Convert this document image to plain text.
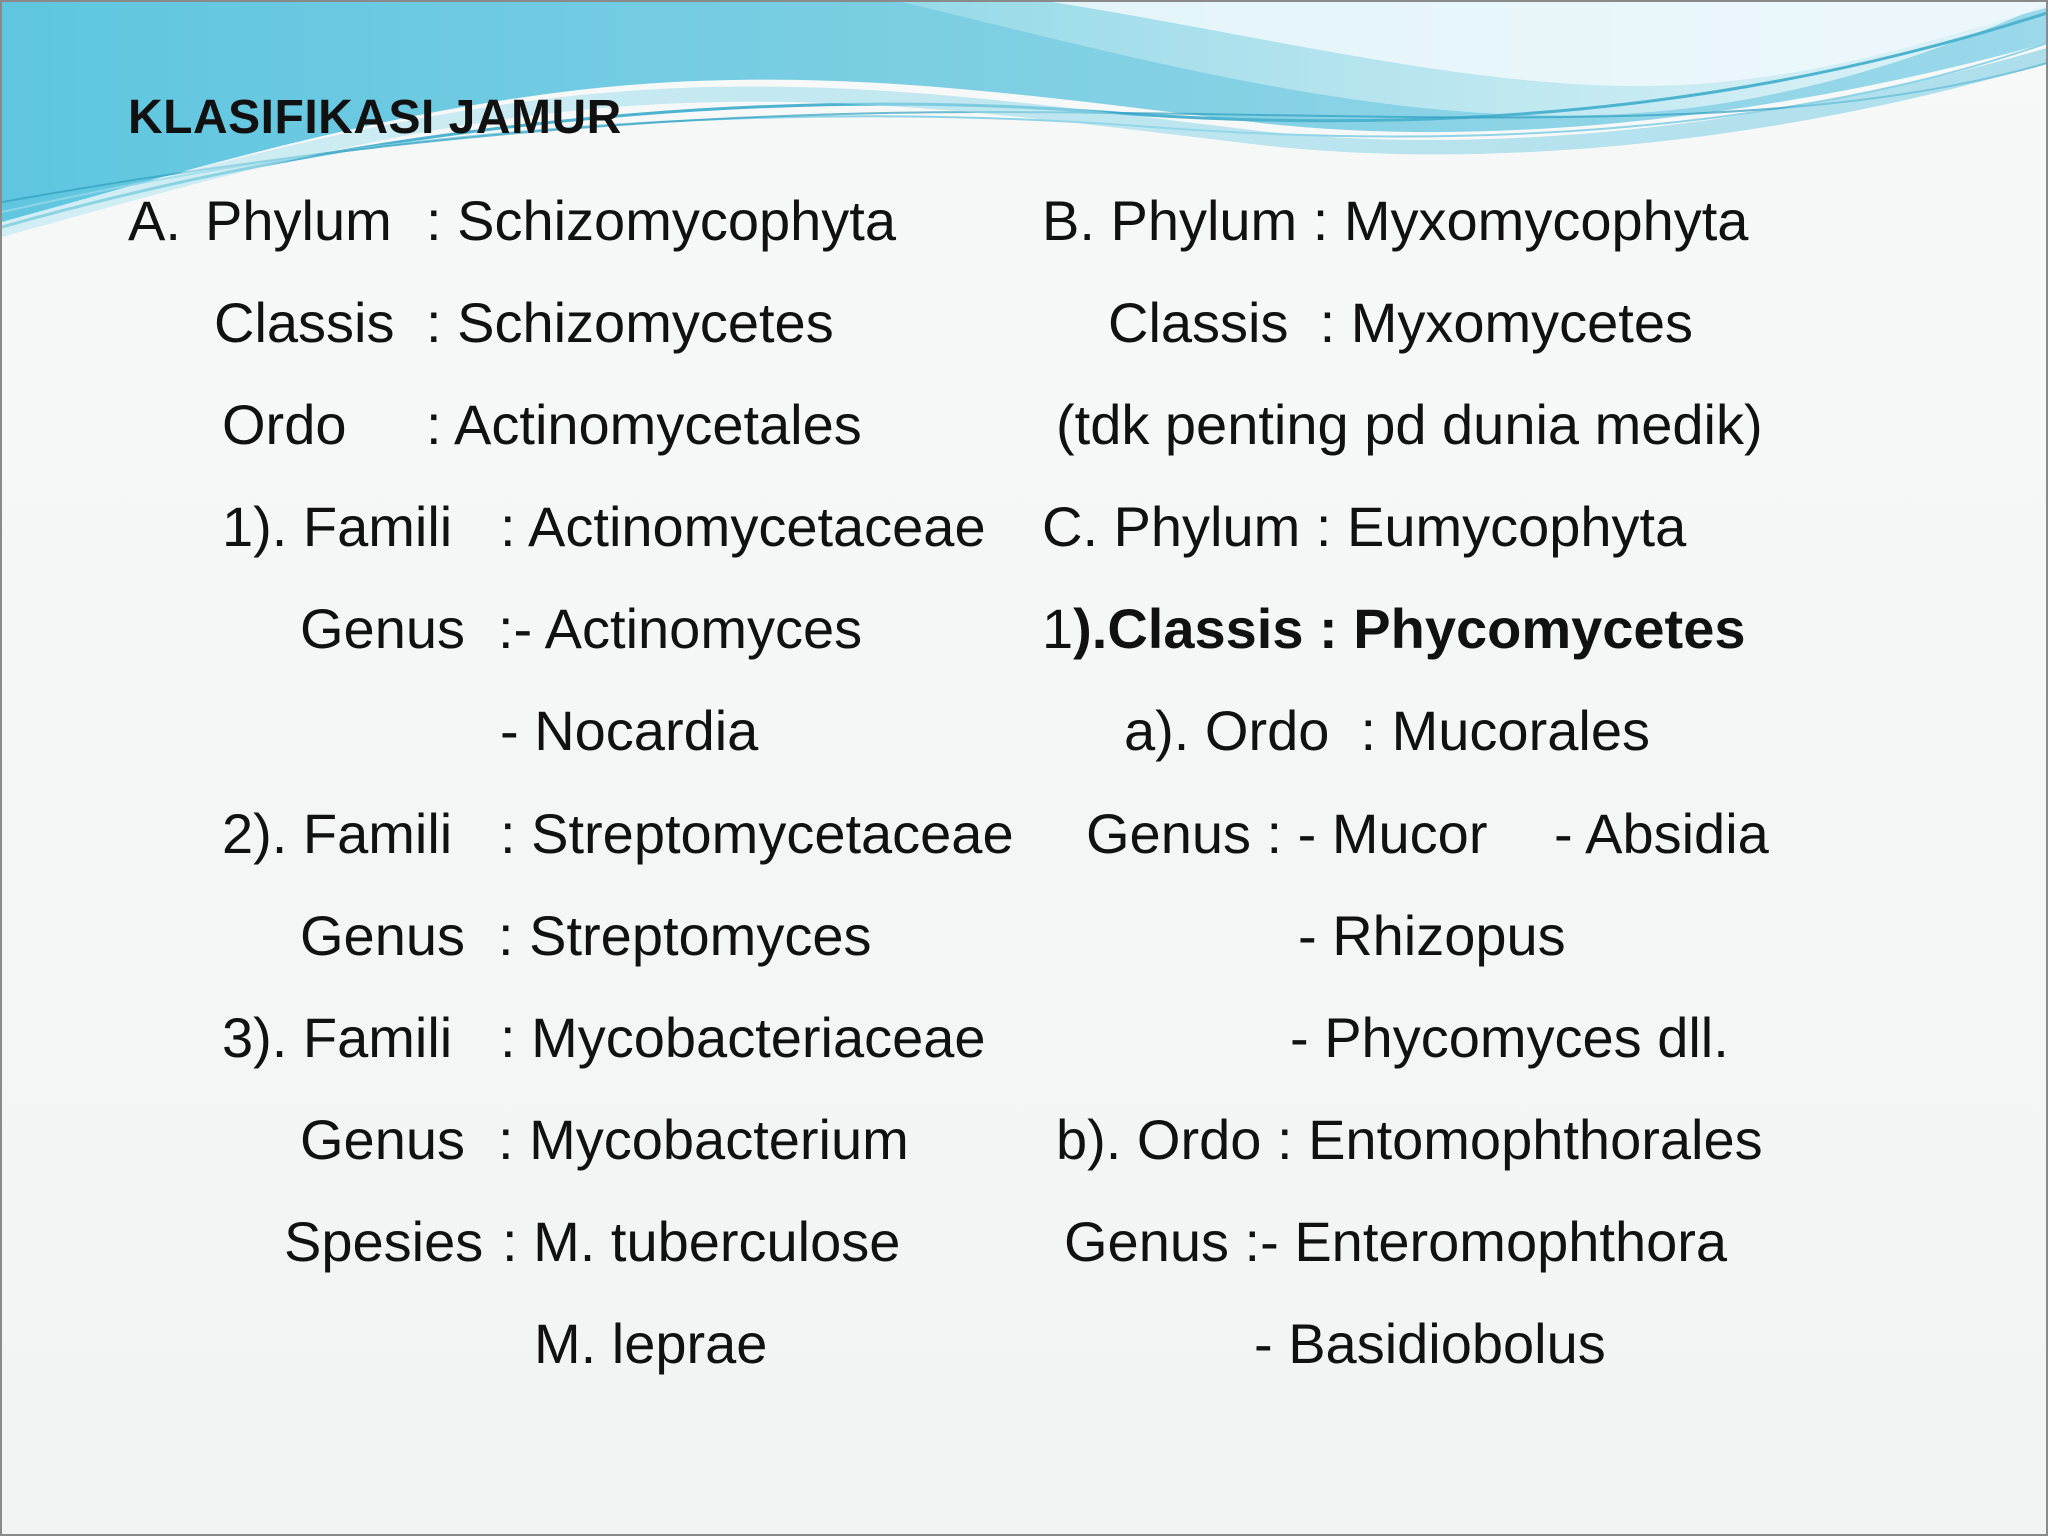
KLASIFIKASI JAMUR
A. Phylum : Schizomycophyta
Classis : Schizomycetes
Ordo : Actinomycetales
1). Famili : Actinomycetaceae
Genus :- Actinomyces
- Nocardia
2). Famili : Streptomycetaceae
Genus : Streptomyces
3). Famili : Mycobacteriaceae
Genus : Mycobacterium
Spesies : M. tuberculose
M. leprae
B. Phylum : Myxomycophyta
Classis  : Myxomycetes
(tdk penting pd dunia medik)
C. Phylum : Eumycophyta
1).Classis : Phycomycetes
a). Ordo  : Mucorales
Genus : - Mucor - Absidia
- Rhizopus
- Phycomyces dll.
b). Ordo : Entomophthorales
Genus :- Enteromophthora
- Basidiobolus
